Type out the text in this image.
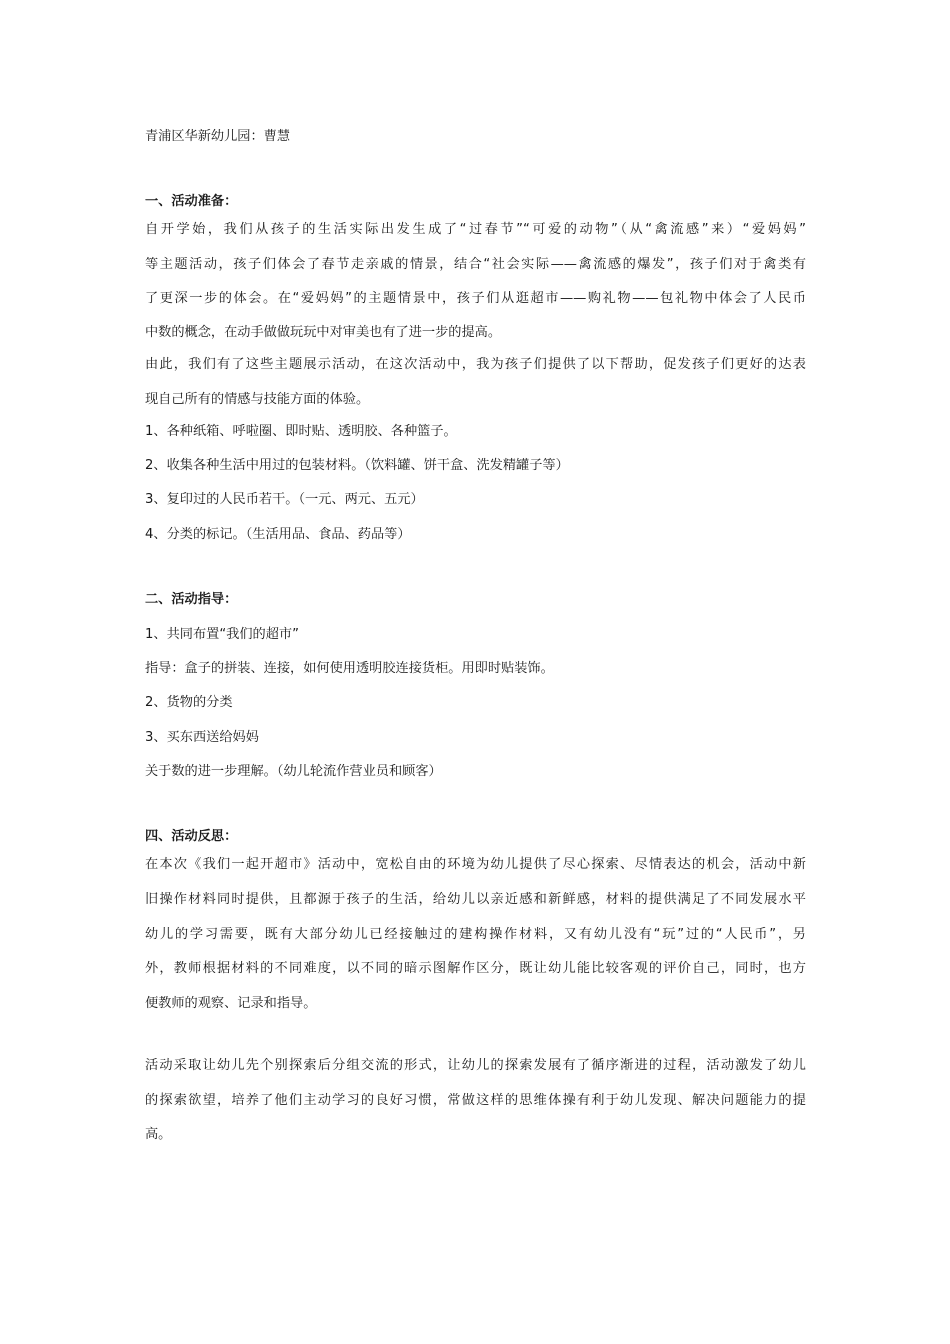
青浦区华新幼儿园：曹慧
一、活动准备：
自开学始，我们从孩子的生活实际出发生成了“过春节”“可爱的动物”（从“禽流感”来）“爱妈妈”
等主题活动，孩子们体会了春节走亲戚的情景，结合“社会实际——禽流感的爆发”，孩子们对于禽类有
了更深一步的体会。在“爱妈妈”的主题情景中，孩子们从逛超市——购礼物——包礼物中体会了人民币
中数的概念，在动手做做玩玩中对审美也有了进一步的提高。
由此，我们有了这些主题展示活动，在这次活动中，我为孩子们提供了以下帮助，促发孩子们更好的达表
现自己所有的情感与技能方面的体验。
1、各种纸箱、呼啦圈、即时贴、透明胶、各种篮子。
2、收集各种生活中用过的包装材料。（饮料罐、饼干盒、洗发精罐子等）
3、复印过的人民币若干。（一元、两元、五元）
4、分类的标记。（生活用品、食品、药品等）
二、活动指导：
1、共同布置“我们的超市”
指导：盒子的拼装、连接，如何使用透明胶连接货柜。用即时贴装饰。
2、货物的分类
3、买东西送给妈妈
关于数的进一步理解。（幼儿轮流作营业员和顾客）
四、活动反思：
在本次《我们一起开超市》活动中，宽松自由的环境为幼儿提供了尽心探索、尽情表达的机会，活动中新
旧操作材料同时提供，且都源于孩子的生活，给幼儿以亲近感和新鲜感，材料的提供满足了不同发展水平
幼儿的学习需要，既有大部分幼儿已经接触过的建构操作材料，又有幼儿没有“玩”过的“人民币”，另
外，教师根据材料的不同难度，以不同的暗示图解作区分，既让幼儿能比较客观的评价自己，同时，也方
便教师的观察、记录和指导。
活动采取让幼儿先个别探索后分组交流的形式，让幼儿的探索发展有了循序渐进的过程，活动激发了幼儿
的探索欲望，培养了他们主动学习的良好习惯，常做这样的思维体操有利于幼儿发现、解决问题能力的提
高。
